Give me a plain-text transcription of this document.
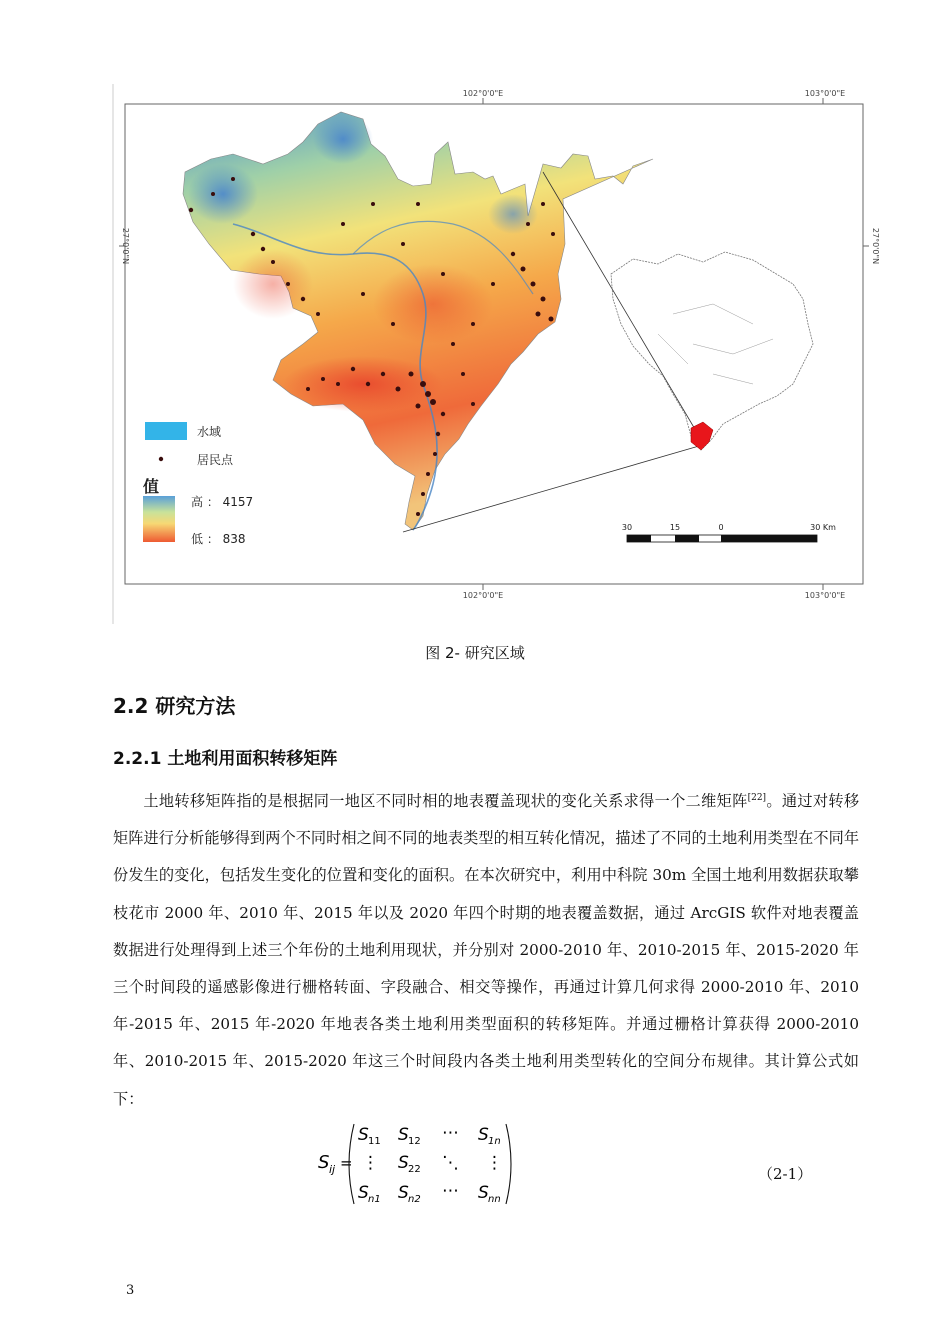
102°0'0"E	103°0'0"E
102°0'0"E	103°0'0"E
27°0'0"N	27°0'0"N
水域
居民点
值
高 ： 4157
低 ： 838
30	15	0	30 Km
图 2- 研究区域
2.2 研究方法
2.2.1 土地利用面积转移矩阵
土地转移矩阵指的是根据同一地区不同时相的地表覆盖现状的变化关系求得一个二维矩阵[22]。通过对转移矩阵进行分析能够得到两个不同时相之间不同的地表类型的相互转化情况，描述了不同的土地利用类型在不同年份发生的变化，包括发生变化的位置和变化的面积。在本次研究中，利用中科院 30m 全国土地利用数据获取攀枝花市 2000 年、2010 年、2015 年以及 2020 年四个时期的地表覆盖数据，通过 ArcGIS 软件对地表覆盖数据进行处理得到上述三个年份的土地利用现状，并分别对 2000-2010 年、2010-2015 年、2015-2020 年三个时间段的遥感影像进行栅格转面、字段融合、相交等操作，再通过计算几何求得 2000-2010 年、2010 年-2015 年、2015 年-2020 年地表各类土地利用类型面积的转移矩阵。并通过栅格计算获得 2000-2010 年、2010-2015 年、2015-2020 年这三个时间段内各类土地利用类型转化的空间分布规律。其计算公式如下：
S ij =
S 11 S 12 ⋯ S 1n
⋮ S 22 ⋱ ⋮
S n1 S n2 ⋯ S nn
（2-1）
3
